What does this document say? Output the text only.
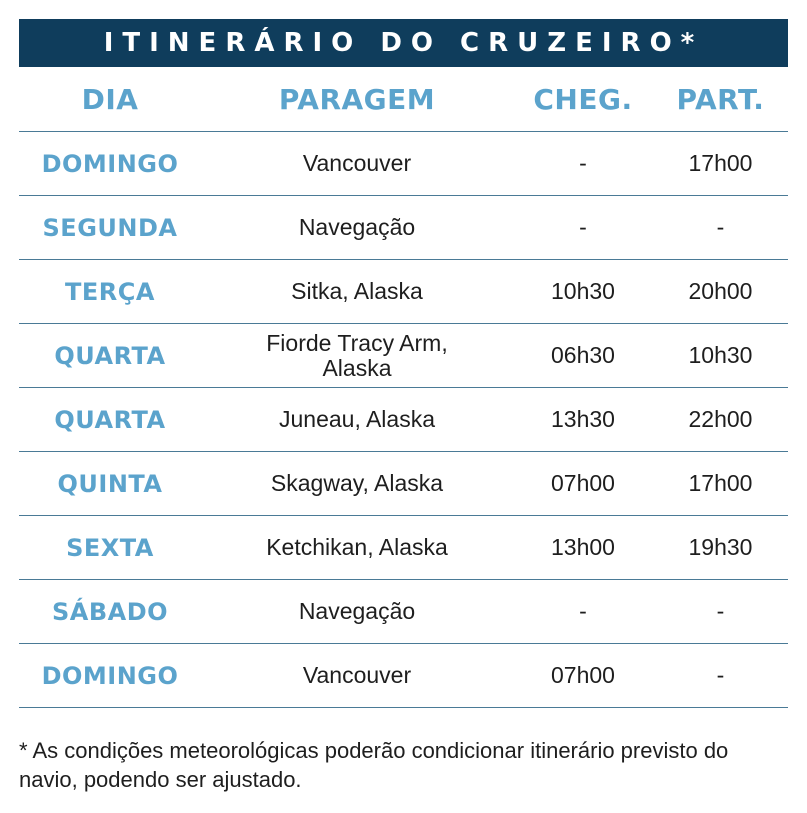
ITINERÁRIO DO CRUZEIRO*
DIA	PARAGEM	CHEG.	PART.
DOMINGO	Vancouver	-	17h00
SEGUNDA	Navegação	-	-
TERÇA	Sitka, Alaska	10h30	20h00
QUARTA	Fiorde Tracy Arm, Alaska	06h30	10h30
QUARTA	Juneau, Alaska	13h30	22h00
QUINTA	Skagway, Alaska	07h00	17h00
SEXTA	Ketchikan, Alaska	13h00	19h30
SÁBADO	Navegação	-	-
DOMINGO	Vancouver	07h00	-
* As condições meteorológicas poderão condicionar itinerário previsto do navio, podendo ser ajustado.
